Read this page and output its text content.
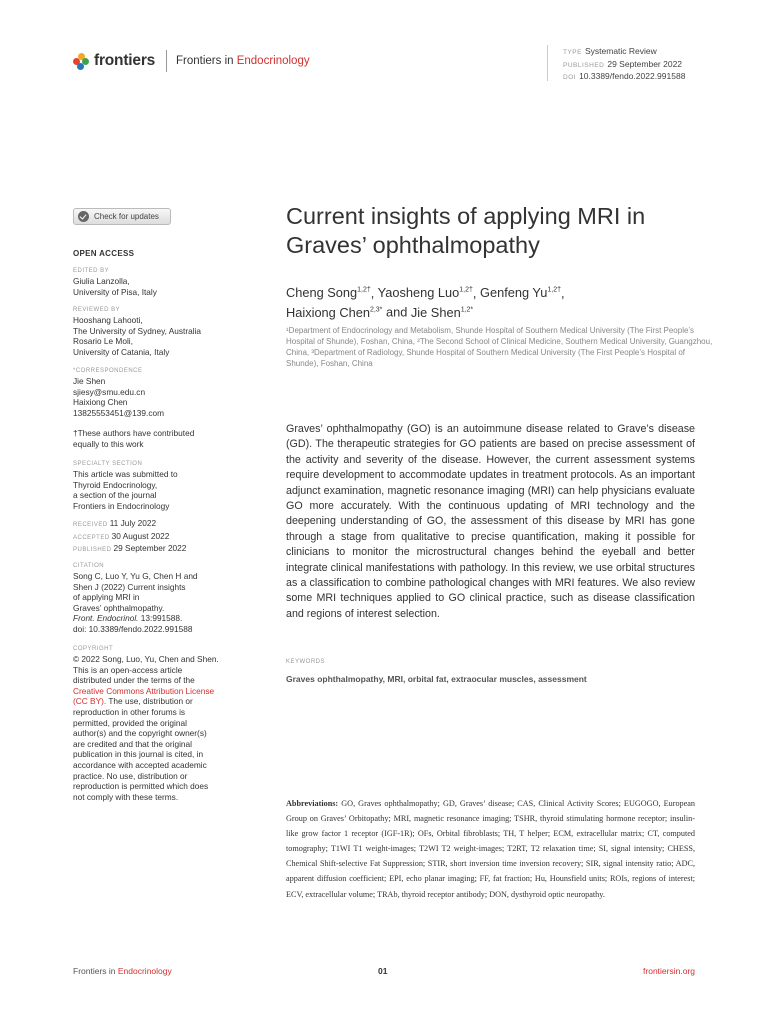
frontiers Frontiers in Endocrinology
TYPE Systematic Review
PUBLISHED 29 September 2022
DOI 10.3389/fendo.2022.991588
Check for updates
OPEN ACCESS
EDITED BY
Giulia Lanzolla,
University of Pisa, Italy
REVIEWED BY
Hooshang Lahooti,
The University of Sydney, Australia
Rosario Le Moli,
University of Catania, Italy
*CORRESPONDENCE
Jie Shen
sjiesy@smu.edu.cn
Haixiong Chen
13825553451@139.com
†These authors have contributed
equally to this work
SPECIALTY SECTION
This article was submitted to
Thyroid Endocrinology,
a section of the journal
Frontiers in Endocrinology
RECEIVED 11 July 2022
ACCEPTED 30 August 2022
PUBLISHED 29 September 2022
CITATION
Song C, Luo Y, Yu G, Chen H and
Shen J (2022) Current insights
of applying MRI in
Graves’ ophthalmopathy.
Front. Endocrinol. 13:991588.
doi: 10.3389/fendo.2022.991588
COPYRIGHT
© 2022 Song, Luo, Yu, Chen and Shen.
This is an open-access article
distributed under the terms of the
Creative Commons Attribution License
(CC BY). The use, distribution or
reproduction in other forums is
permitted, provided the original
author(s) and the copyright owner(s)
are credited and that the original
publication in this journal is cited, in
accordance with accepted academic
practice. No use, distribution or
reproduction is permitted which does
not comply with these terms.
Current insights of applying MRI in Graves’ ophthalmopathy
Cheng Song$^{1,2\dagger}$, Yaosheng Luo$^{1,2\dagger}$, Genfeng $Yu^{1,2\dagger}$,
Haixiong Chen$^{2,3*}$ and Jie Shen$^{1,2*}$

¹Department of Endocrinology and Metabolism, Shunde Hospital of Southern Medical University (The First People’s Hospital of Shunde), Foshan, China, ²The Second School of Clinical Medicine, Southern Medical University, Guangzhou, China, ³Department of Radiology, Shunde Hospital of Southern Medical University (The First People’s Hospital of Shunde), Foshan, China

Graves’ ophthalmopathy (GO) is an autoimmune disease related to Grave’s disease (GD). The therapeutic strategies for GO patients are based on precise assessment of the activity and severity of the disease. However, the current assessment systems require development to accommodate updates in treatment protocols. As an important adjunct examination, magnetic resonance imaging (MRI) can help physicians evaluate GO more accurately. With the continuous updating of MRI technology and the deepening understanding of GO, the assessment of this disease by MRI has gone through a stage from qualitative to precise quantification, making it possible for clinicians to monitor the microstructural changes behind the eyeball and better integrate clinical manifestations with pathology. In this review, we use orbital structures as a classification to combine pathological changes with MRI features. We also review some MRI techniques applied to GO clinical practice, such as disease classification and regions of interest selection.

KEYWORDS
Graves ophthalmopathy, MRI, orbital fat, extraocular muscles, assessment

Abbreviations: GO, Graves ophthalmopathy; GD, Graves’ disease; CAS, Clinical Activity Scores; EUGOGO, European Group on Graves’ Orbitopathy; MRI, magnetic resonance imaging; TSHR, thyroid stimulating hormone receptor; insulin-like grow factor 1 receptor (IGF-1R); OFs, Orbital fibroblasts; TH, T helper; ECM, extracellular matrix; CT, computed tomography; T1WI T1 weight-images; T2WI T2 weight-images; T2RT, T2 relaxation time; SI, signal intensity; CHESS, Chemical Shift-selective Fat Suppression; STIR, short inversion time inversion recovery; SIR, signal intensity ratio; ADC, apparent diffusion coefficient; EPI, echo planar imaging; FF, fat fraction; Hu, Hounsfield units; ROIs, regions of interest; ECV, extracellular volume; TRAb, thyroid receptor antibody; DON, dysthyroid optic neuropathy.

Frontiers in Endocrinology	01	frontiersin.org
